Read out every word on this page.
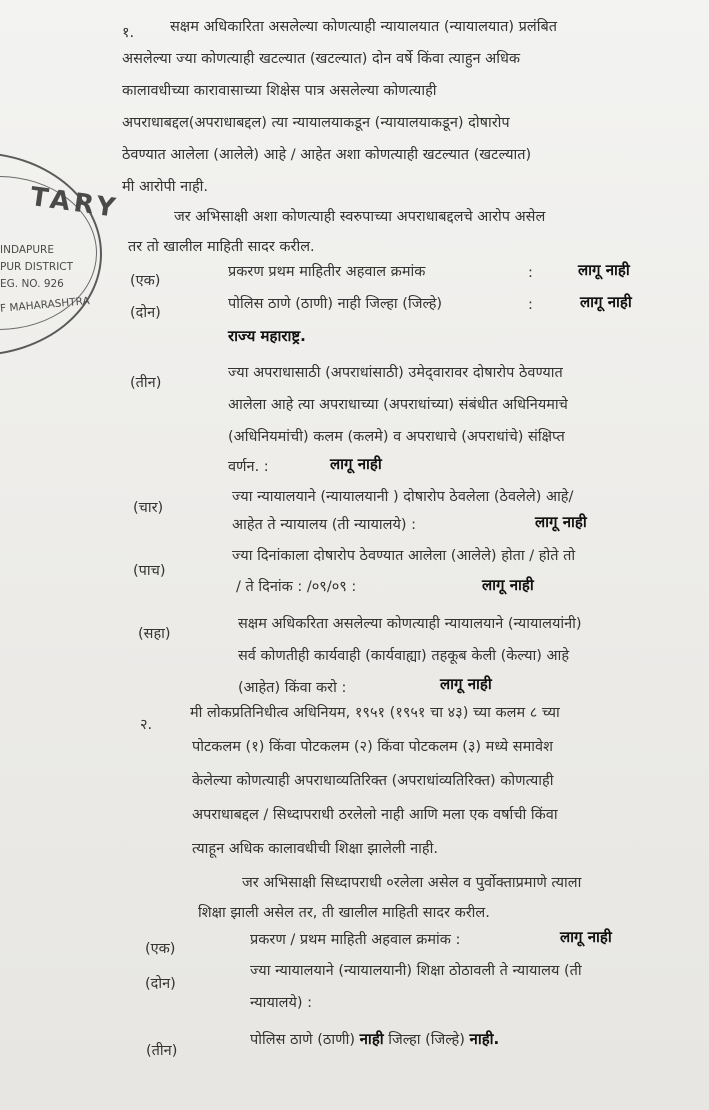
TARY
INDAPURE
PUR DISTRICT
EG. NO. 926
F MAHARASHTRA
१. सक्षम अधिकारिता असलेल्या कोणत्याही न्यायालयात (न्यायालयात) प्रलंबित
असलेल्या ज्या कोणत्याही खटल्यात (खटल्यात) दोन वर्षे किंवा त्याहुन अधिक
कालावधीच्या कारावासाच्या शिक्षेस पात्र असलेल्या कोणत्याही
अपराधाबद्दल(अपराधाबद्दल) त्या न्यायालयाकडून (न्यायालयाकडून) दोषारोप
ठेवण्यात आलेला (आलेले) आहे / आहेत अशा कोणत्याही खटल्यात (खटल्यात)
मी आरोपी नाही.
जर अभिसाक्षी अशा कोणत्याही स्वरुपाच्या अपराधाबद्दलचे आरोप असेल
तर तो खालील माहिती सादर करील.
(एक)
प्रकरण प्रथम माहितीर अहवाल क्रमांक	:	लागू नाही
(दोन)
पोलिस ठाणे (ठाणी) नाही जिल्हा (जिल्हे)	:	लागू नाही
राज्य महाराष्ट्र.
(तीन)
ज्या अपराधासाठी (अपराधांसाठी) उमेद्‌वारावर दोषारोप ठेवण्यात
आलेला आहे त्या अपराधाच्या (अपराधांच्या) संबंधीत अधिनियमाचे
(अधिनियमांची) कलम (कलमे) व अपराधाचे (अपराधांचे) संक्षिप्त
वर्णन. :	लागू नाही
(चार)
ज्या न्यायालयाने (न्यायालयानी ) दोषारोप ठेवलेला (ठेवलेले) आहे/
आहेत ते न्यायालय (ती न्यायालये) :	लागू नाही
(पाच)
ज्या दिनांकाला दोषारोप ठेवण्यात आलेला (आलेले) होता / होते तो
/ ते दिनांक : /०९/०९ :	लागू नाही
(सहा)
सक्षम अधिकरिता असलेल्या कोणत्याही न्यायालयाने (न्यायालयांनी)
सर्व कोणतीही कार्यवाही (कार्यवाह्या) तहकूब केली (केल्या) आहे
(आहेत) किंवा करो :	लागू नाही
२.
मी लोकप्रतिनिधीत्व अधिनियम, १९५१ (१९५१ चा ४३) च्या कलम ८ च्या
पोटकलम (१) किंवा पोटकलम (२) किंवा पोटकलम (३) मध्ये समावेश
केलेल्या कोणत्याही अपराधाव्यतिरिक्त (अपराधांव्यतिरिक्त) कोणत्याही
अपराधाबद्दल / सिध्दापराधी ठरलेलो नाही आणि मला एक वर्षाची किंवा
त्याहून अधिक कालावधीची शिक्षा झालेली नाही.
जर अभिसाक्षी सिध्दापराधी ०रलेला असेल व पुर्वोक्ताप्रमाणे त्याला
शिक्षा झाली असेल तर, ती खालील माहिती सादर करील.
(एक)
प्रकरण / प्रथम माहिती अहवाल क्रमांक :	लागू नाही
(दोन)
ज्या न्यायालयाने (न्यायालयानी) शिक्षा ठोठावली ते न्यायालय (ती
न्यायालये) :
(तीन)
पोलिस ठाणे (ठाणी) नाही जिल्हा (जिल्हे) नाही.
